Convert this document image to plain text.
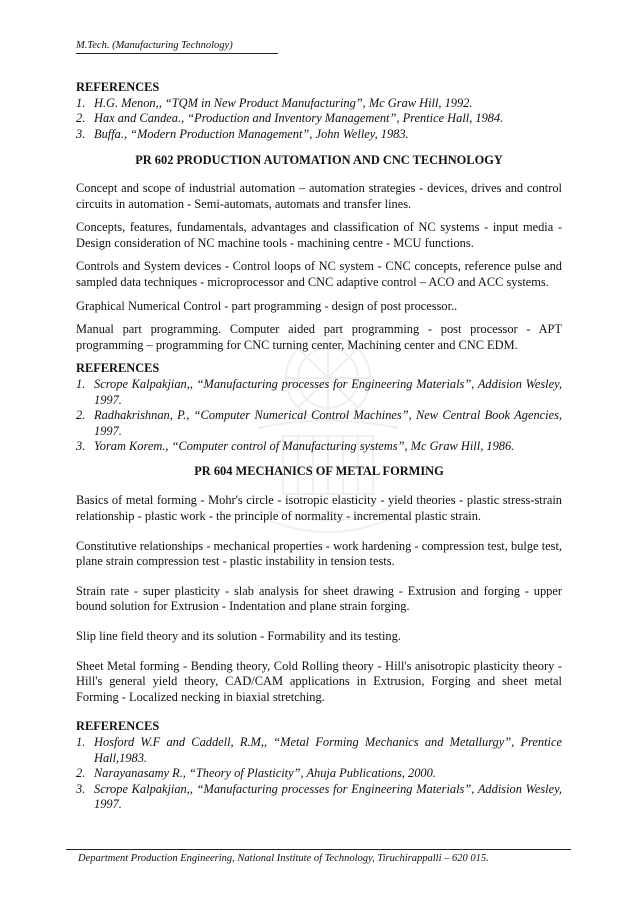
M.Tech. (Manufacturing Technology)
REFERENCES
1. H.G. Menon,, “TQM in New Product Manufacturing”, Mc Graw Hill, 1992.
2. Hax and Candea., “Production and Inventory Management”, Prentice Hall, 1984.
3. Buffa., “Modern Production Management”, John Welley, 1983.
PR 602 PRODUCTION AUTOMATION AND CNC TECHNOLOGY

Concept and scope of industrial automation – automation strategies - devices, drives and control circuits in automation - Semi-automats, automats and transfer lines.

Concepts, features, fundamentals, advantages and classification of NC systems - input media - Design consideration of NC machine tools - machining centre - MCU functions.

Controls and System devices - Control loops of NC system - CNC concepts, reference pulse and sampled data techniques - microprocessor and CNC adaptive control – ACO and ACC systems.

Graphical Numerical Control - part programming - design of post processor..

Manual part programming. Computer aided part programming - post processor - APT programming – programming for CNC turning center, Machining center and CNC EDM.

REFERENCES
1. Scrope Kalpakjian,, “Manufacturing processes for Engineering Materials”, Addision Wesley, 1997.
2. Radhakrishnan, P., “Computer Numerical Control Machines”, New Central Book Agencies, 1997.
3. Yoram Korem., “Computer control of Manufacturing systems”, Mc Graw Hill, 1986.
PR 604 MECHANICS OF METAL FORMING

Basics of metal forming - Mohr's circle - isotropic elasticity - yield theories - plastic stress-strain relationship - plastic work - the principle of normality - incremental plastic strain.

Constitutive relationships - mechanical properties - work hardening - compression test, bulge test, plane strain compression test - plastic instability in tension tests.

Strain rate - super plasticity - slab analysis for sheet drawing - Extrusion and forging - upper bound solution for Extrusion - Indentation and plane strain forging.

Slip line field theory and its solution - Formability and its testing.

Sheet Metal forming - Bending theory, Cold Rolling theory - Hill's anisotropic plasticity theory - Hill's general yield theory, CAD/CAM applications in Extrusion, Forging and sheet metal Forming - Localized necking in biaxial stretching.

REFERENCES
1. Hosford W.F and Caddell, R.M,, “Metal Forming Mechanics and Metallurgy”, Prentice Hall,1983.
2. Narayanasamy R., “Theory of Plasticity”, Ahuja Publications, 2000.
3. Scrope Kalpakjian,, “Manufacturing processes for Engineering Materials”, Addision Wesley, 1997.
Department Production Engineering, National Institute of Technology, Tiruchirappalli – 620 015.
